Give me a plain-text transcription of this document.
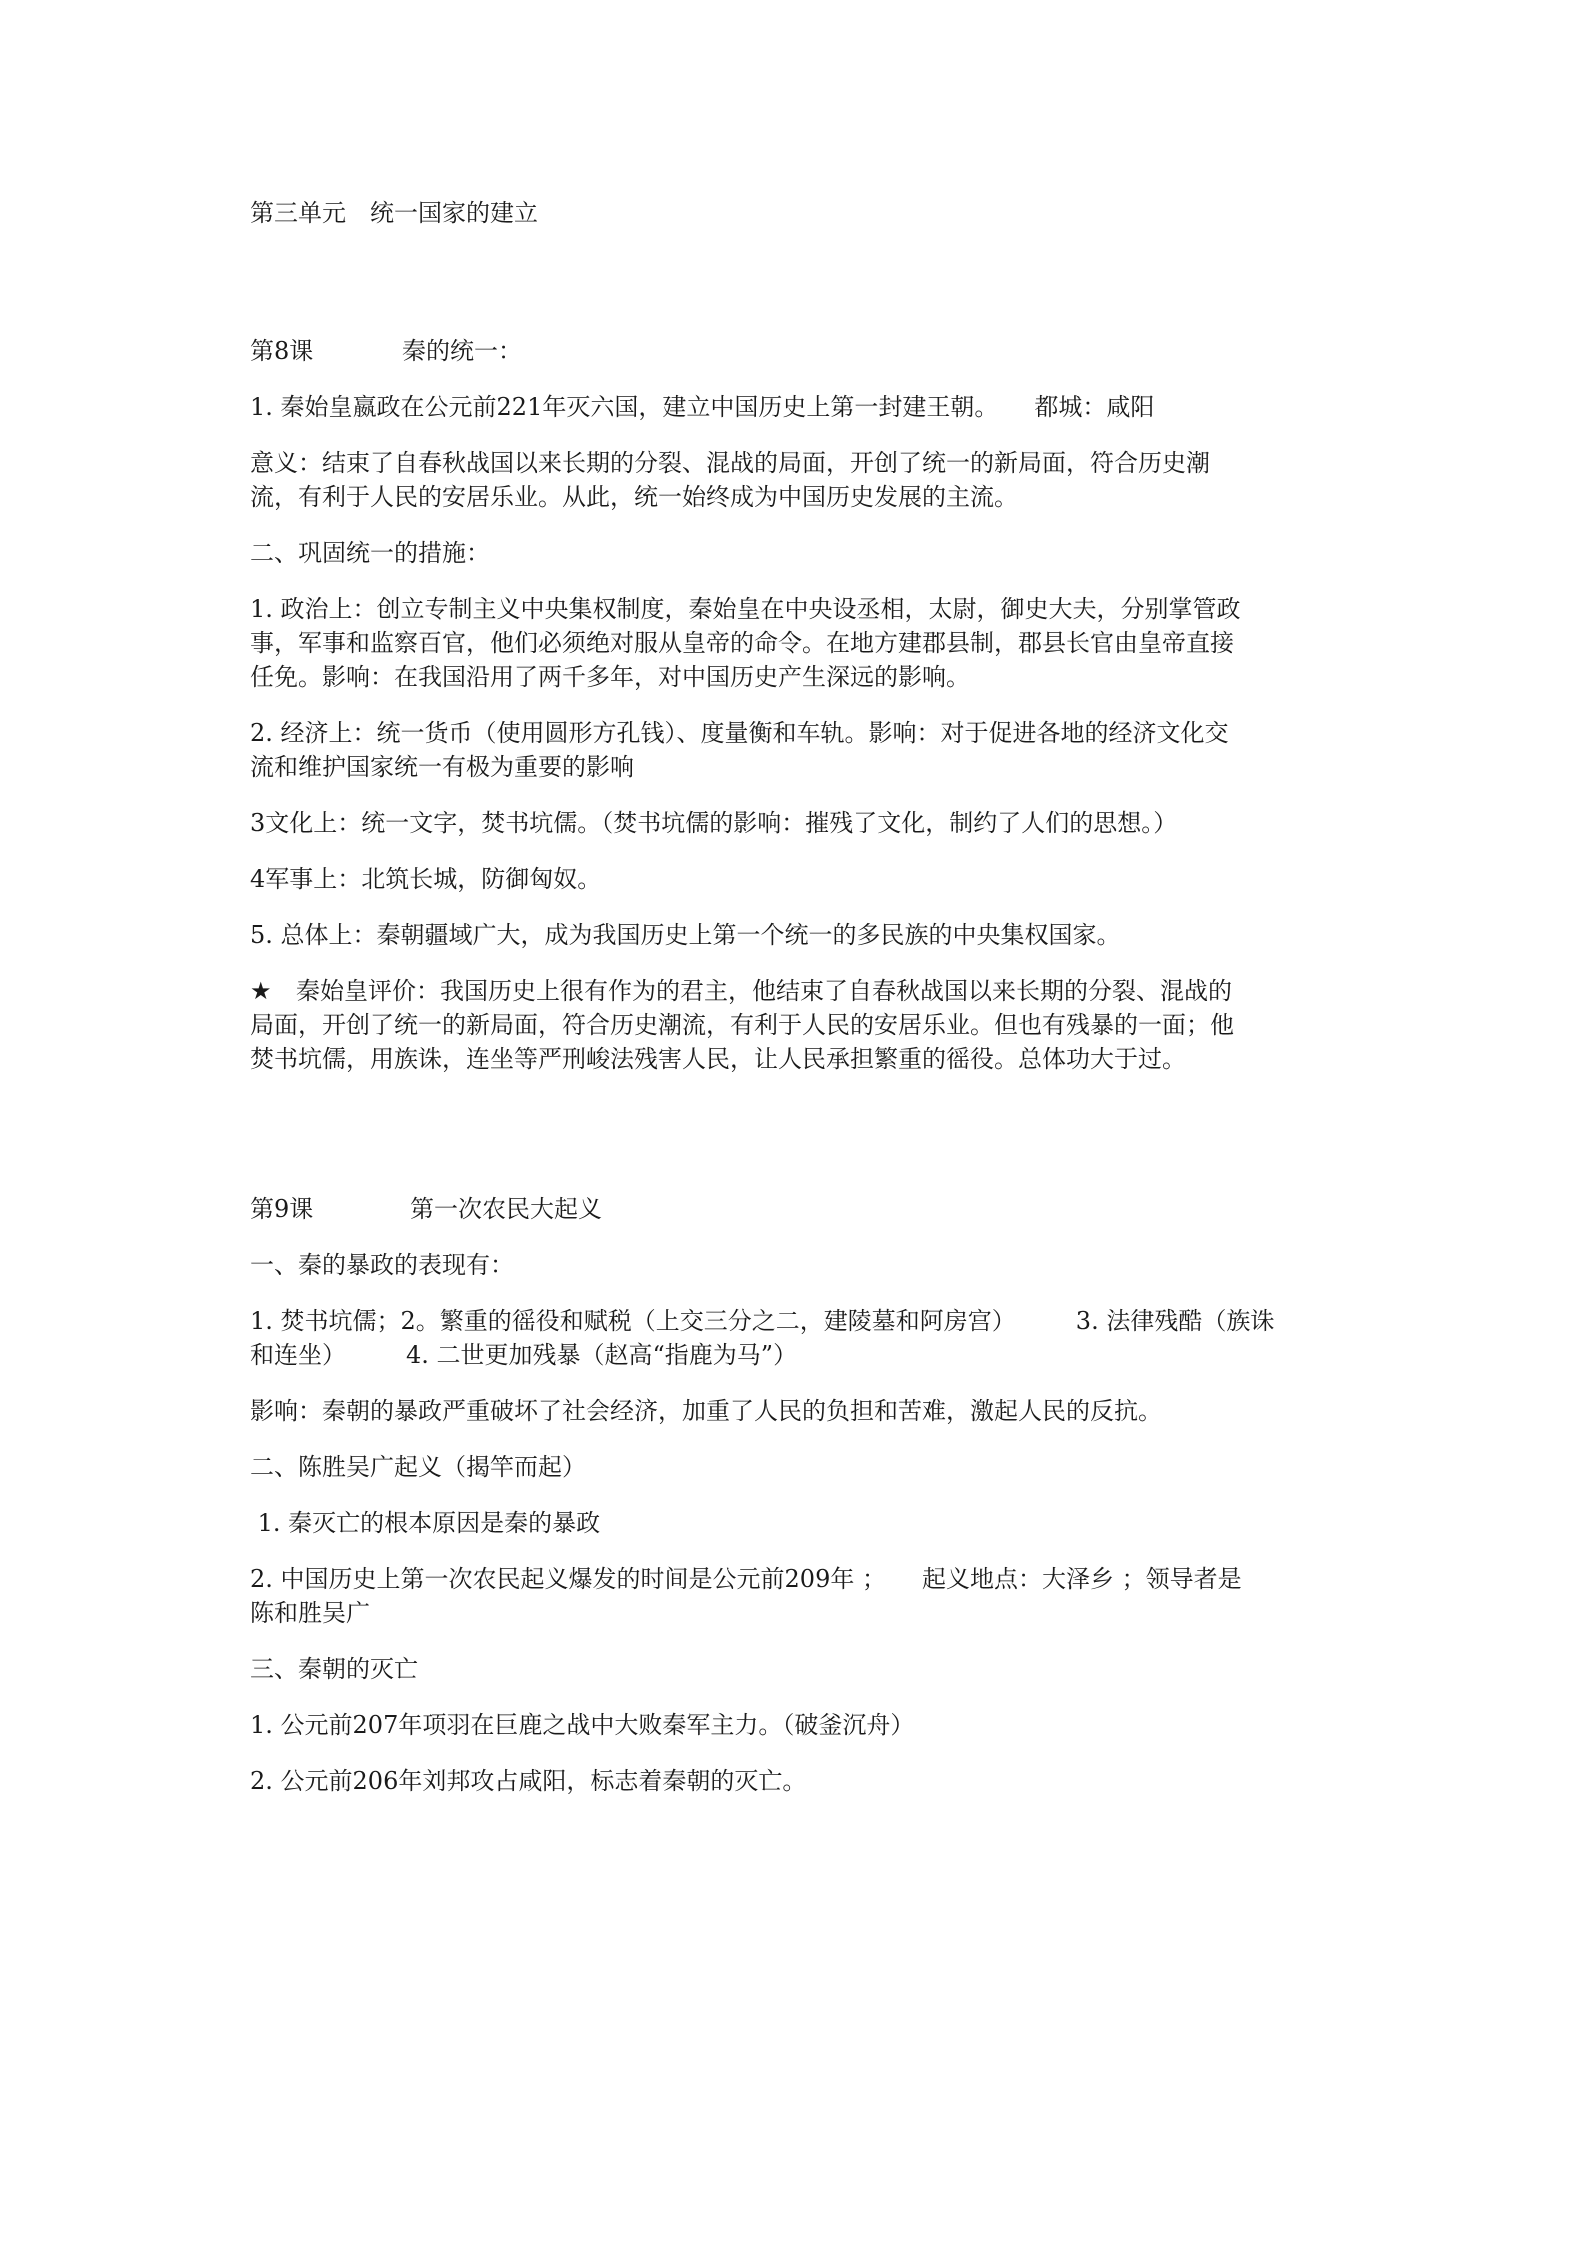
第三单元　统一国家的建立

第8课	秦的统一：

1. 秦始皇嬴政在公元前221年灭六国，建立中国历史上第一封建王朝。　　都城：咸阳

意义：结束了自春秋战国以来长期的分裂、混战的局面，开创了统一的新局面，符合历史潮
流，有利于人民的安居乐业。从此，统一始终成为中国历史发展的主流。

二、巩固统一的措施：

1. 政治上：创立专制主义中央集权制度，秦始皇在中央设丞相，太尉，御史大夫，分别掌管政
事，军事和监察百官，他们必须绝对服从皇帝的命令。在地方建郡县制，郡县长官由皇帝直接
任免。影响：在我国沿用了两千多年，对中国历史产生深远的影响。
2. 经济上：统一货币（使用圆形方孔钱）、度量衡和车轨。影响：对于促进各地的经济文化交
流和维护国家统一有极为重要的影响

3文化上：统一文字，焚书坑儒。（焚书坑儒的影响：摧残了文化，制约了人们的思想。）

4军事上：北筑长城，防御匈奴。

5. 总体上：秦朝疆域广大，成为我国历史上第一个统一的多民族的中央集权国家。

★ 秦始皇评价：我国历史上很有作为的君主，他结束了自春秋战国以来长期的分裂、混战的
局面，开创了统一的新局面，符合历史潮流，有利于人民的安居乐业。但也有残暴的一面；他
焚书坑儒，用族诛，连坐等严刑峻法残害人民，让人民承担繁重的徭役。总体功大于过。
第9课	第一次农民大起义

一、秦的暴政的表现有：

1. 焚书坑儒；2。繁重的徭役和赋税（上交三分之二，建陵墓和阿房宫）　　　3. 法律残酷（族诛
和连坐）　　　4. 二世更加残暴（赵高“指鹿为马”）

影响：秦朝的暴政严重破坏了社会经济，加重了人民的负担和苦难，激起人民的反抗。

二、陈胜吴广起义（揭竿而起）

1. 秦灭亡的根本原因是秦的暴政

2. 中国历史上第一次农民起义爆发的时间是公元前209年 ；　　起义地点：大泽乡 ；领导者是
陈和胜吴广

三、秦朝的灭亡

1. 公元前207年项羽在巨鹿之战中大败秦军主力。（破釜沉舟）

2. 公元前206年刘邦攻占咸阳，标志着秦朝的灭亡。
